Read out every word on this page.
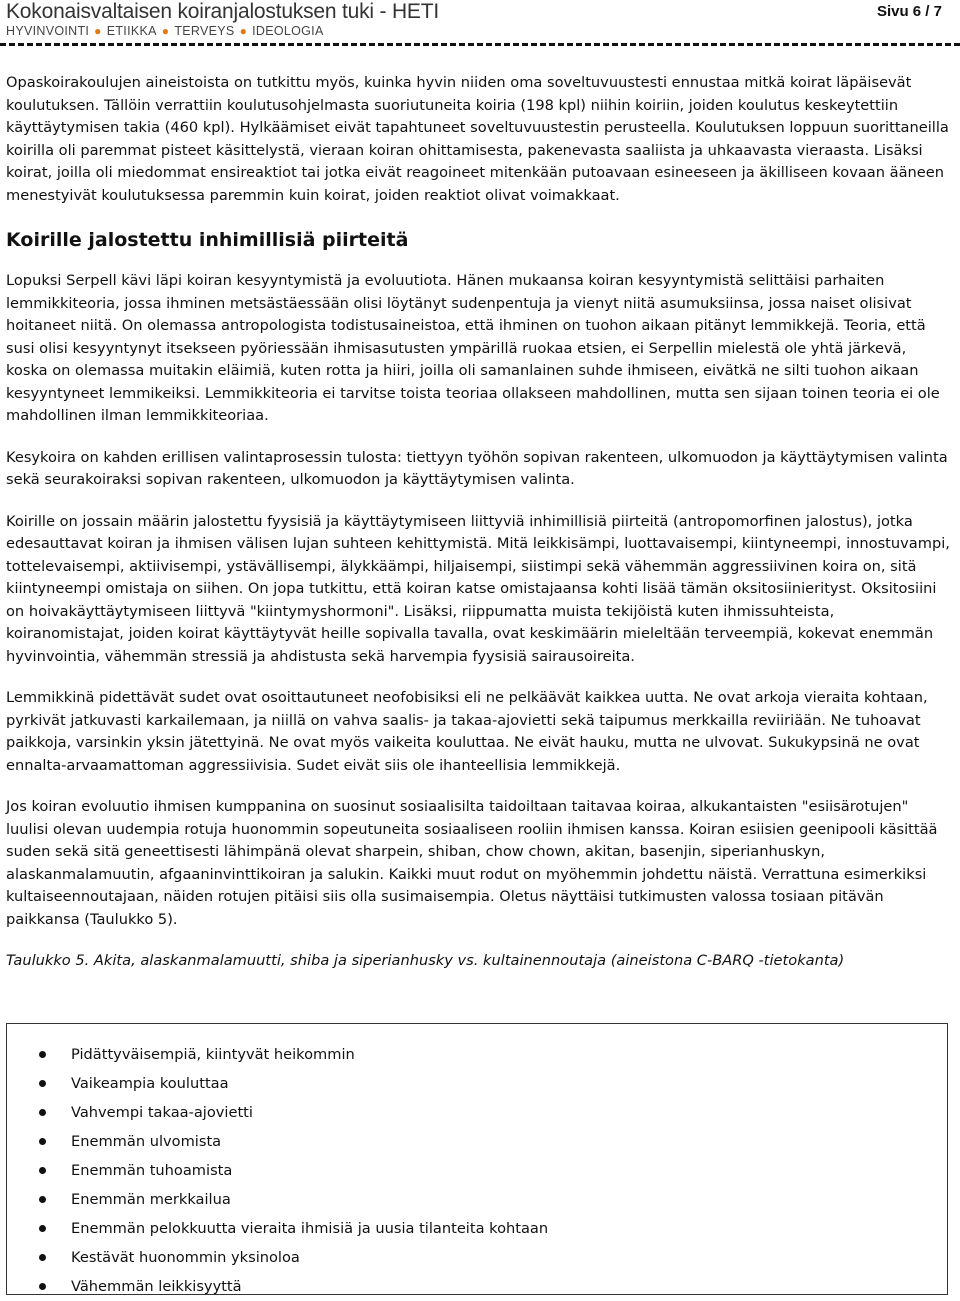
Kokonaisvaltaisen koiranjalostuksen tuki - HETI
HYVINVOINTI ● ETIIKKA ● TERVEYS ● IDEOLOGIA
Sivu 6 / 7

Opaskoirakoulujen aineistoista on tutkittu myös, kuinka hyvin niiden oma soveltuvuustesti ennustaa mitkä koirat läpäisevät koulutuksen. Tällöin verrattiin koulutusohjelmasta suoriutuneita koiria (198 kpl) niihin koiriin, joiden koulutus keskeytettiin käyttäytymisen takia (460 kpl). Hylkäämiset eivät tapahtuneet soveltuvuustestin perusteella. Koulutuksen loppuun suorittaneilla koirilla oli paremmat pisteet käsittelystä, vieraan koiran ohittamisesta, pakenevasta saaliista ja uhkaavasta vieraasta. Lisäksi koirat, joilla oli miedommat ensireaktiot tai jotka eivät reagoineet mitenkään putoavaan esineeseen ja äkilliseen kovaan ääneen menestyivät koulutuksessa paremmin kuin koirat, joiden reaktiot olivat voimakkaat.

Koirille jalostettu inhimillisiä piirteitä

Lopuksi Serpell kävi läpi koiran kesyyntymistä ja evoluutiota. Hänen mukaansa koiran kesyyntymistä selittäisi parhaiten lemmikkiteoria, jossa ihminen metsästäessään olisi löytänyt sudenpentuja ja vienyt niitä asumuksiinsa, jossa naiset olisivat hoitaneet niitä. On olemassa antropologista todistusaineistoa, että ihminen on tuohon aikaan pitänyt lemmikkejä. Teoria, että susi olisi kesyyntynyt itsekseen pyöriessään ihmisasutusten ympärillä ruokaa etsien, ei Serpellin mielestä ole yhtä järkevä, koska on olemassa muitakin eläimiä, kuten rotta ja hiiri, joilla oli samanlainen suhde ihmiseen, eivätkä ne silti tuohon aikaan kesyyntyneet lemmikeiksi. Lemmikkiteoria ei tarvitse toista teoriaa ollakseen mahdollinen, mutta sen sijaan toinen teoria ei ole mahdollinen ilman lemmikkiteoriaa.

Kesykoira on kahden erillisen valintaprosessin tulosta: tiettyyn työhön sopivan rakenteen, ulkomuodon ja käyttäytymisen valinta sekä seurakoiraksi sopivan rakenteen, ulkomuodon ja käyttäytymisen valinta.

Koirille on jossain määrin jalostettu fyysisiä ja käyttäytymiseen liittyviä inhimillisiä piirteitä (antropomorfinen jalostus), jotka edesauttavat koiran ja ihmisen välisen lujan suhteen kehittymistä. Mitä leikkisämpi, luottavaisempi, kiintyneempi, innostuvampi, tottelevaisempi, aktiivisempi, ystävällisempi, älykkäämpi, hiljaisempi, siistimpi sekä vähemmän aggressiivinen koira on, sitä kiintyneempi omistaja on siihen. On jopa tutkittu, että koiran katse omistajaansa kohti lisää tämän oksitosiinierityst. Oksitosiini on hoivakäyttäytymiseen liittyvä "kiintymyshormoni". Lisäksi, riippumatta muista tekijöistä kuten ihmissuhteista, koiranomistajat, joiden koirat käyttäytyvät heille sopivalla tavalla, ovat keskimäärin mieleltään terveempiä, kokevat enemmän hyvinvointia, vähemmän stressiä ja ahdistusta sekä harvempia fyysisiä sairausoireita.

Lemmikkinä pidettävät sudet ovat osoittautuneet neofobisiksi eli ne pelkäävät kaikkea uutta. Ne ovat arkoja vieraita kohtaan, pyrkivät jatkuvasti karkailemaan, ja niillä on vahva saalis- ja takaa-ajovietti sekä taipumus merkkailla reviiriään. Ne tuhoavat paikkoja, varsinkin yksin jätettyinä. Ne ovat myös vaikeita kouluttaa. Ne eivät hauku, mutta ne ulvovat. Sukukypsinä ne ovat ennalta-arvaamattoman aggressiivisia. Sudet eivät siis ole ihanteellisia lemmikkejä.

Jos koiran evoluutio ihmisen kumppanina on suosinut sosiaalisilta taidoiltaan taitavaa koiraa, alkukantaisten "esiisärotujen" luulisi olevan uudempia rotuja huonommin sopeutuneita sosiaaliseen rooliin ihmisen kanssa. Koiran esiisien geenipooli käsittää suden sekä sitä geneettisesti lähimpänä olevat sharpein, shiban, chow chown, akitan, basenjin, siperianhuskyn, alaskanmalamuutin, afgaaninvinttikoiran ja salukin. Kaikki muut rodut on myöhemmin johdettu näistä. Verrattuna esimerkiksi kultaiseennoutajaan, näiden rotujen pitäisi siis olla susimaisempia. Oletus näyttäisi tutkimusten valossa tosiaan pitävän paikkansa (Taulukko 5).

Taulukko 5. Akita, alaskanmalamuutti, shiba ja siperianhusky vs. kultainennoutaja (aineistona C-BARQ -tietokanta)
Pidättyväisempiä, kiintyvät heikommin
Vaikeampia kouluttaa
Vahvempi takaa-ajovietti
Enemmän ulvomista
Enemmän tuhoamista
Enemmän merkkailua
Enemmän pelokkuutta vieraita ihmisiä ja uusia tilanteita kohtaan
Kestävät huonommin yksinoloa
Vähemmän leikkisyyttä
